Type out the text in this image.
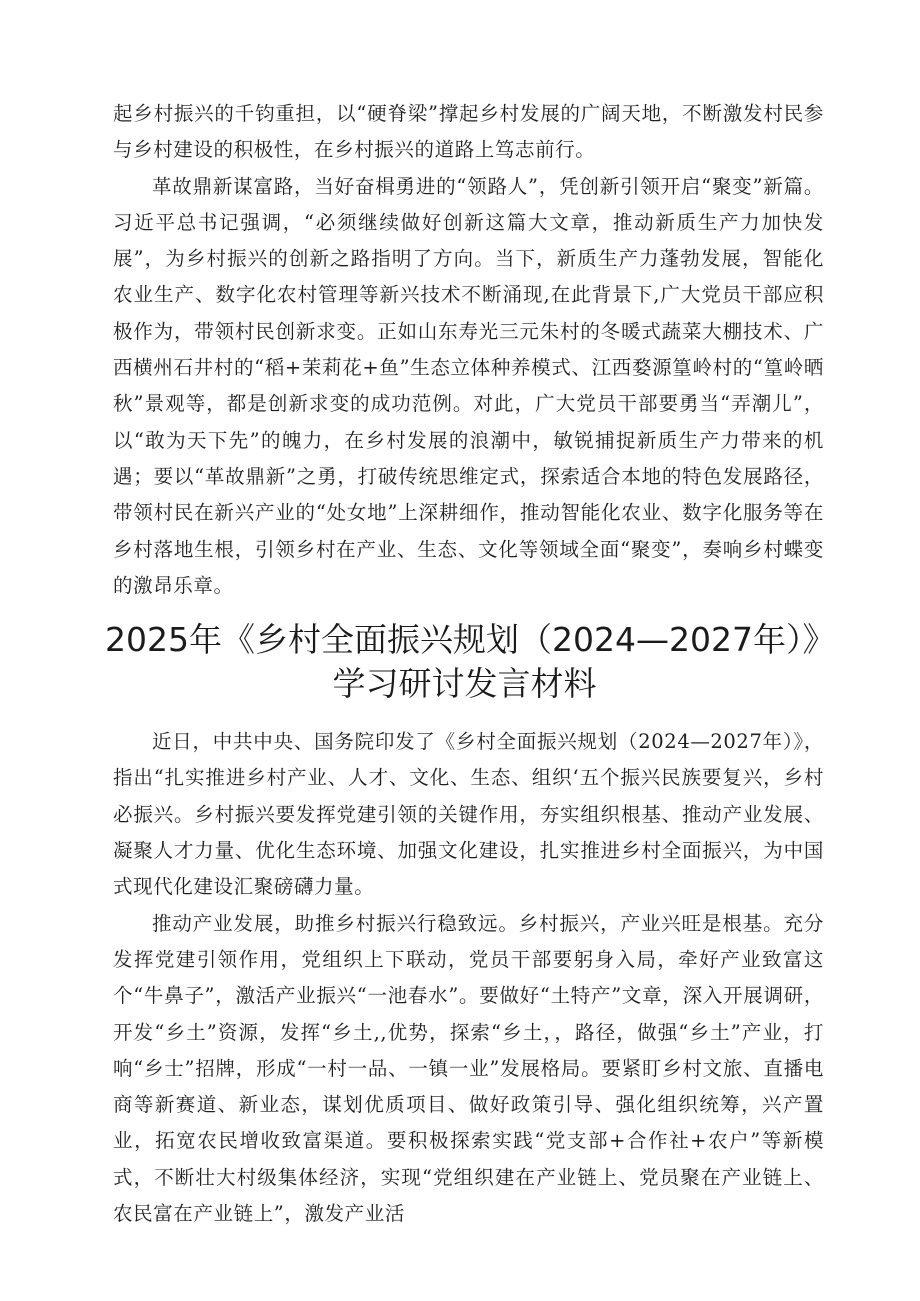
起乡村振兴的千钧重担，以“硬脊梁”撑起乡村发展的广阔天地，不断激发村民参与乡村建设的积极性，在乡村振兴的道路上笃志前行。

革故鼎新谋富路，当好奋楫勇进的“领路人”，凭创新引领开启“聚变”新篇。习近平总书记强调，“必须继续做好创新这篇大文章，推动新质生产力加快发展”，为乡村振兴的创新之路指明了方向。当下，新质生产力蓬勃发展，智能化农业生产、数字化农村管理等新兴技术不断涌现,在此背景下,广大党员干部应积极作为，带领村民创新求变。正如山东寿光三元朱村的冬暖式蔬菜大棚技术、广西横州石井村的“稻+茉莉花+鱼”生态立体种养模式、江西婺源篁岭村的“篁岭晒秋”景观等，都是创新求变的成功范例。对此，广大党员干部要勇当“弄潮儿”，以“敢为天下先”的魄力，在乡村发展的浪潮中，敏锐捕捉新质生产力带来的机遇；要以“革故鼎新”之勇，打破传统思维定式，探索适合本地的特色发展路径，带领村民在新兴产业的“处女地”上深耕细作，推动智能化农业、数字化服务等在乡村落地生根，引领乡村在产业、生态、文化等领域全面“聚变”，奏响乡村蝶变的激昂乐章。

2025年《乡村全面振兴规划（2024—2027年）》
学习研讨发言材料

近日，中共中央、国务院印发了《乡村全面振兴规划（2024—2027年）》，指出“扎实推进乡村产业、人才、文化、生态、组织‘五个振兴民族要复兴，乡村必振兴。乡村振兴要发挥党建引领的关键作用，夯实组织根基、推动产业发展、凝聚人才力量、优化生态环境、加强文化建设，扎实推进乡村全面振兴，为中国式现代化建设汇聚磅礴力量。

推动产业发展，助推乡村振兴行稳致远。乡村振兴，产业兴旺是根基。充分发挥党建引领作用，党组织上下联动，党员干部要躬身入局，牵好产业致富这个“牛鼻子”，激活产业振兴“一池春水”。要做好“土特产”文章，深入开展调研，开发“乡土”资源，发挥“乡土,,优势，探索“乡土，，路径，做强“乡土”产业，打响“乡士”招牌，形成“一村一品、一镇一业”发展格局。要紧盯乡村文旅、直播电商等新赛道、新业态，谋划优质项目、做好政策引导、强化组织统筹，兴产置业，拓宽农民增收致富渠道。要积极探索实践“党支部+合作社+农户”等新模式，不断壮大村级集体经济，实现“党组织建在产业链上、党员聚在产业链上、农民富在产业链上”，激发产业活
